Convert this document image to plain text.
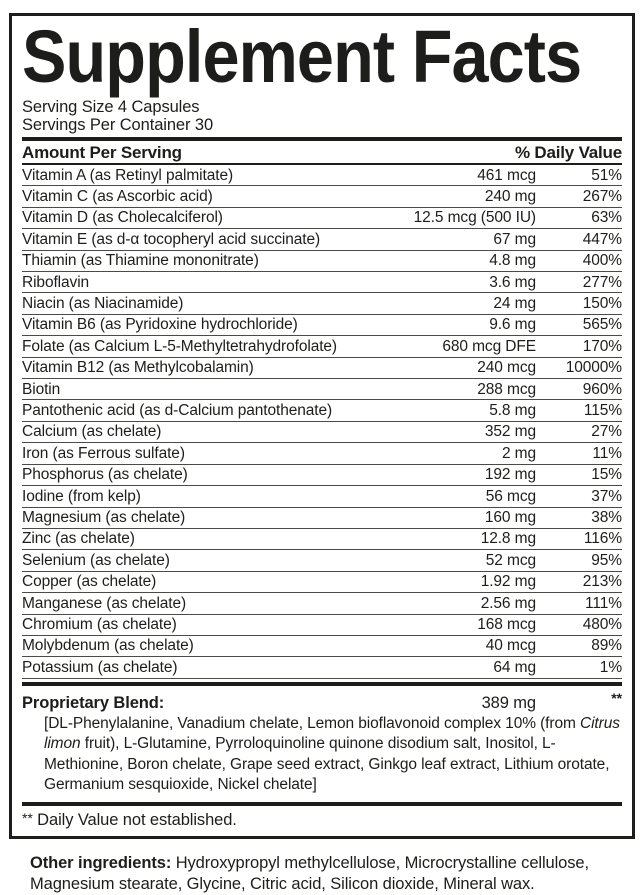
Supplement Facts
Serving Size 4 Capsules
Servings Per Container 30
Amount Per Serving	% Daily Value
Vitamin A (as Retinyl palmitate)	461 mcg	51%
Vitamin C (as Ascorbic acid)	240 mg	267%
Vitamin D (as Cholecalciferol)	12.5 mcg (500 IU)	63%
Vitamin E (as d-α tocopheryl acid succinate)	67 mg	447%
Thiamin (as Thiamine mononitrate)	4.8 mg	400%
Riboflavin	3.6 mg	277%
Niacin (as Niacinamide)	24 mg	150%
Vitamin B6 (as Pyridoxine hydrochloride)	9.6 mg	565%
Folate (as Calcium L-5-Methyltetrahydrofolate)	680 mcg DFE	170%
Vitamin B12 (as Methylcobalamin)	240 mcg	10000%
Biotin	288 mcg	960%
Pantothenic acid (as d-Calcium pantothenate)	5.8 mg	115%
Calcium (as chelate)	352 mg	27%
Iron (as Ferrous sulfate)	2 mg	11%
Phosphorus (as chelate)	192 mg	15%
Iodine (from kelp)	56 mcg	37%
Magnesium (as chelate)	160 mg	38%
Zinc (as chelate)	12.8 mg	116%
Selenium (as chelate)	52 mcg	95%
Copper (as chelate)	1.92 mg	213%
Manganese (as chelate)	2.56 mg	111%
Chromium (as chelate)	168 mcg	480%
Molybdenum (as chelate)	40 mcg	89%
Potassium (as chelate)	64 mg	1%
Proprietary Blend:	389 mg	**
[DL-Phenylalanine, Vanadium chelate, Lemon bioflavonoid complex 10% (from Citrus limon fruit), L-Glutamine, Pyrroloquinoline quinone disodium salt, Inositol, L-Methionine, Boron chelate, Grape seed extract, Ginkgo leaf extract, Lithium orotate, Germanium sesquioxide, Nickel chelate]
** Daily Value not established.
Other ingredients: Hydroxypropyl methylcellulose, Microcrystalline cellulose, Magnesium stearate, Glycine, Citric acid, Silicon dioxide, Mineral wax.
